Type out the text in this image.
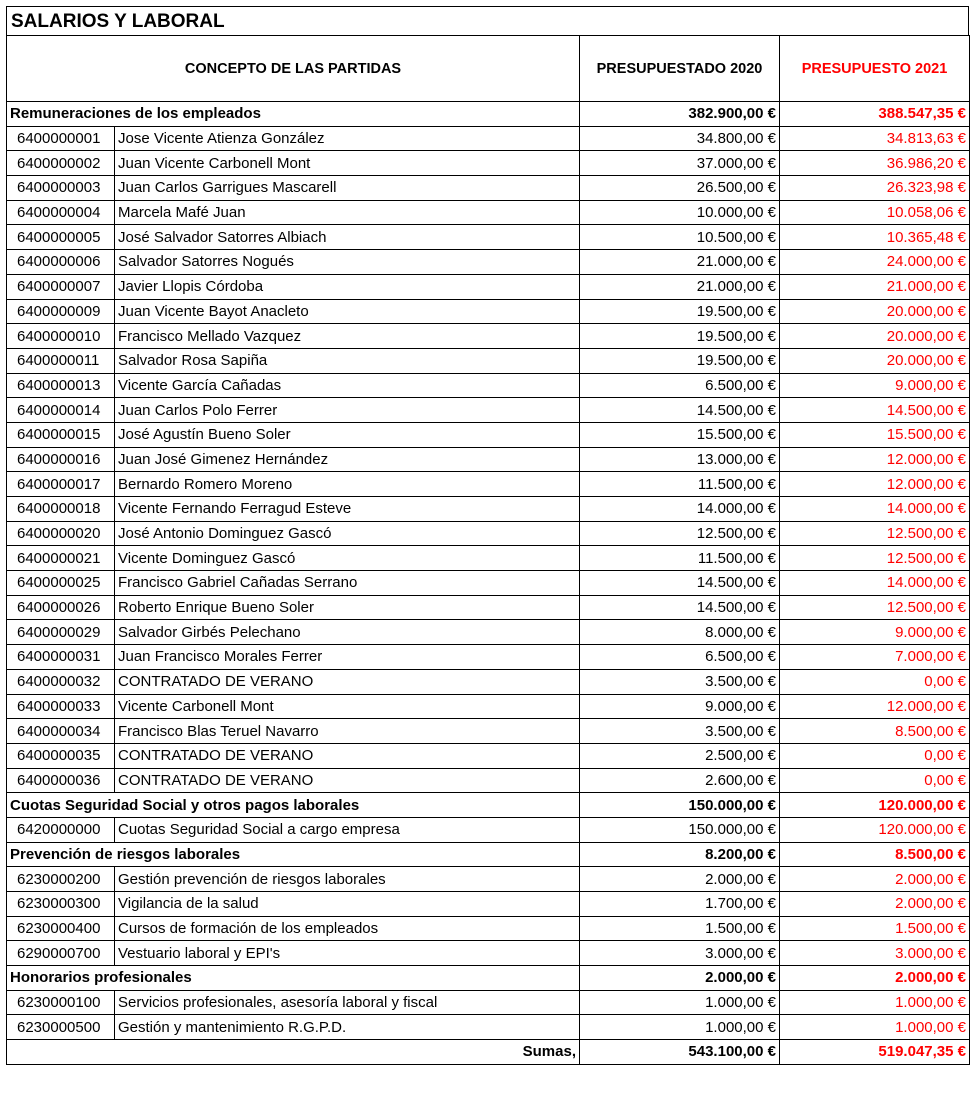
SALARIOS Y LABORAL
CONCEPTO DE LAS PARTIDAS		PRESUPUESTADO 2020	PRESUPUESTO 2021
Remuneraciones de los empleados		382.900,00 €	388.547,35 €
6400000001	Jose Vicente Atienza González	34.800,00 €	34.813,63 €
6400000002	Juan Vicente Carbonell Mont	37.000,00 €	36.986,20 €
6400000003	Juan Carlos Garrigues Mascarell	26.500,00 €	26.323,98 €
6400000004	Marcela Mafé Juan	10.000,00 €	10.058,06 €
6400000005	José Salvador Satorres Albiach	10.500,00 €	10.365,48 €
6400000006	Salvador Satorres Nogués	21.000,00 €	24.000,00 €
6400000007	Javier Llopis Córdoba	21.000,00 €	21.000,00 €
6400000009	Juan Vicente Bayot Anacleto	19.500,00 €	20.000,00 €
6400000010	Francisco Mellado Vazquez	19.500,00 €	20.000,00 €
6400000011	Salvador Rosa Sapiña	19.500,00 €	20.000,00 €
6400000013	Vicente García Cañadas	6.500,00 €	9.000,00 €
6400000014	Juan Carlos Polo Ferrer	14.500,00 €	14.500,00 €
6400000015	José Agustín Bueno Soler	15.500,00 €	15.500,00 €
6400000016	Juan José Gimenez Hernández	13.000,00 €	12.000,00 €
6400000017	Bernardo Romero Moreno	11.500,00 €	12.000,00 €
6400000018	Vicente Fernando Ferragud Esteve	14.000,00 €	14.000,00 €
6400000020	José Antonio Dominguez Gascó	12.500,00 €	12.500,00 €
6400000021	Vicente Dominguez Gascó	11.500,00 €	12.500,00 €
6400000025	Francisco Gabriel Cañadas Serrano	14.500,00 €	14.000,00 €
6400000026	Roberto Enrique Bueno Soler	14.500,00 €	12.500,00 €
6400000029	Salvador Girbés Pelechano	8.000,00 €	9.000,00 €
6400000031	Juan Francisco Morales Ferrer	6.500,00 €	7.000,00 €
6400000032	CONTRATADO DE VERANO	3.500,00 €	0,00 €
6400000033	Vicente Carbonell Mont	9.000,00 €	12.000,00 €
6400000034	Francisco Blas Teruel Navarro	3.500,00 €	8.500,00 €
6400000035	CONTRATADO DE VERANO	2.500,00 €	0,00 €
6400000036	CONTRATADO DE VERANO	2.600,00 €	0,00 €
Cuotas Seguridad Social y otros pagos laborales		150.000,00 €	120.000,00 €
6420000000	Cuotas Seguridad Social a cargo empresa	150.000,00 €	120.000,00 €
Prevención de riesgos laborales		8.200,00 €	8.500,00 €
6230000200	Gestión prevención de riesgos laborales	2.000,00 €	2.000,00 €
6230000300	Vigilancia de la salud	1.700,00 €	2.000,00 €
6230000400	Cursos de formación de los empleados	1.500,00 €	1.500,00 €
6290000700	Vestuario laboral y EPI's	3.000,00 €	3.000,00 €
Honorarios profesionales		2.000,00 €	2.000,00 €
6230000100	Servicios profesionales, asesoría laboral y fiscal	1.000,00 €	1.000,00 €
6230000500	Gestión y mantenimiento R.G.P.D.	1.000,00 €	1.000,00 €
Sumas,		543.100,00 €	519.047,35 €
